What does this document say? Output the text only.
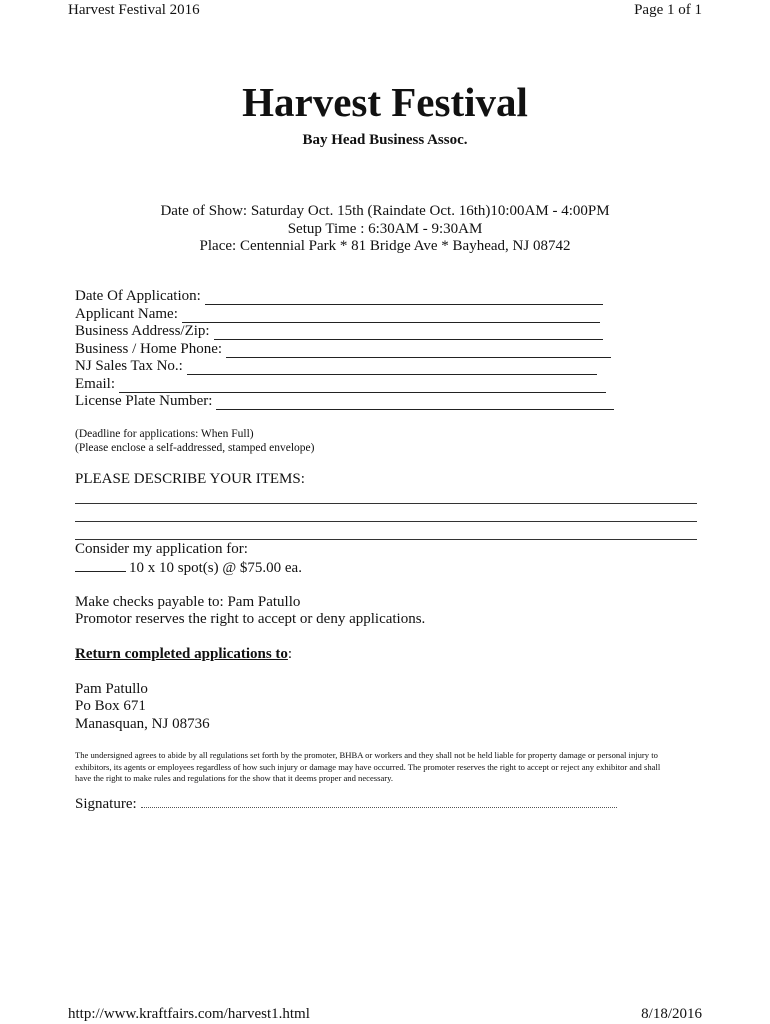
Harvest Festival 2016	Page 1 of 1
Harvest Festival
Bay Head Business Assoc.
Date of Show: Saturday Oct. 15th (Raindate Oct. 16th)10:00AM - 4:00PM
Setup Time : 6:30AM - 9:30AM
Place: Centennial Park * 81 Bridge Ave * Bayhead, NJ 08742
Date Of Application:
Applicant Name:
Business Address/Zip:
Business / Home Phone:
NJ Sales Tax No.:
Email:
License Plate Number:
(Deadline for applications: When Full)
(Please enclose a self-addressed, stamped envelope)
PLEASE DESCRIBE YOUR ITEMS:
Consider my application for:
10 x 10 spot(s) @ $75.00 ea.
Make checks payable to: Pam Patullo
Promotor reserves the right to accept or deny applications.
Return completed applications to:
Pam Patullo
Po Box 671
Manasquan, NJ 08736
The undersigned agrees to abide by all regulations set forth by the promoter, BHBA or workers and they shall not be held liable for property damage or personal injury to exhibitors, its agents or employees regardless of how such injury or damage may have occurred. The promoter reserves the right to accept or reject any exhibitor and shall have the right to make rules and regulations for the show that it deems proper and necessary.
Signature:
http://www.kraftfairs.com/harvest1.html	8/18/2016
